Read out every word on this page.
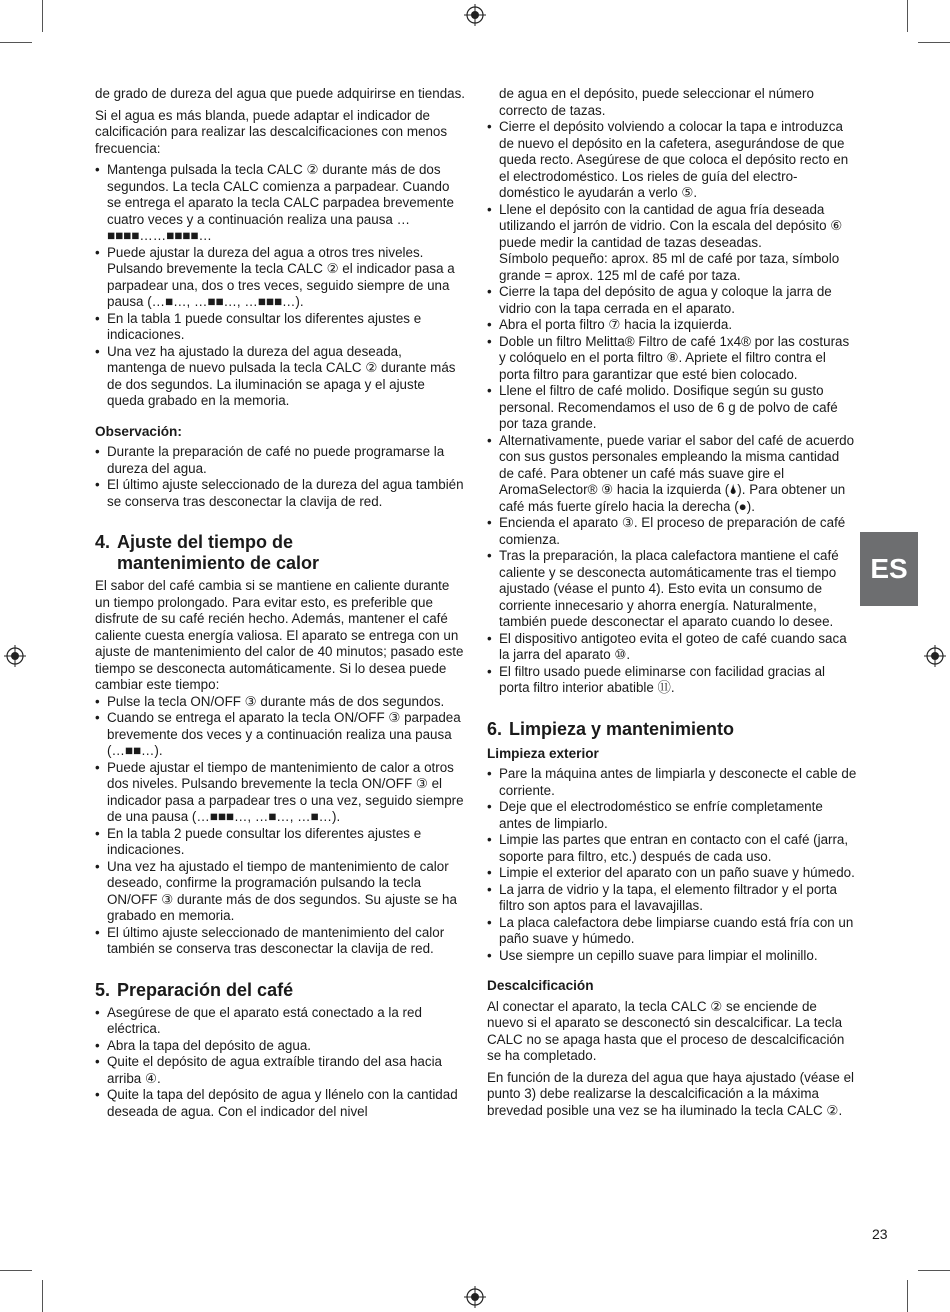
de grado de dureza del agua que puede adquirirse en tiendas.

Si el agua es más blanda, puede adaptar el indicador de calcificación para realizar las descalcificaciones con menos frecuencia:

• Mantenga pulsada la tecla CALC ② durante más de dos segundos. La tecla CALC comienza a parpadear. Cuando se entrega el aparato la tecla CALC parpadea brevemente cuatro veces y a continuación realiza una pausa …■■■■……■■■■…
• Puede ajustar la dureza del agua a otros tres niveles. Pulsando brevemente la tecla CALC ② el indicador pasa a parpadear una, dos o tres veces, seguido siempre de una pausa (…■…, …■■…, …■■■…).
• En la tabla 1 puede consultar los diferentes ajustes e indicaciones.
• Una vez ha ajustado la dureza del agua deseada, mantenga de nuevo pulsada la tecla CALC ② durante más de dos segundos. La iluminación se apaga y el ajuste queda grabado en la memoria.
Observación:
• Durante la preparación de café no puede programarse la dureza del agua.
• El último ajuste seleccionado de la dureza del agua también se conserva tras desconectar la clavija de red.
4. Ajuste del tiempo de
mantenimiento de calor

El sabor del café cambia si se mantiene en caliente durante un tiempo prolongado. Para evitar esto, es preferible que disfrute de su café recién hecho. Además, mantener el café caliente cuesta energía valiosa. El aparato se entrega con un ajuste de mantenimiento del calor de 40 minutos; pasado este tiempo se desconecta automáticamente. Si lo desea puede cambiar este tiempo:

• Pulse la tecla ON/OFF ③ durante más de dos segundos.
• Cuando se entrega el aparato la tecla ON/OFF ③ parpadea brevemente dos veces y a continuación realiza una pausa (…■■…).
• Puede ajustar el tiempo de mantenimiento de calor a otros dos niveles. Pulsando brevemente la tecla ON/OFF ③ el indicador pasa a parpadear tres o una vez, seguido siempre de una pausa (…■■■…, …■…, …■…).
• En la tabla 2 puede consultar los diferentes ajustes e indicaciones.
• Una vez ha ajustado el tiempo de mantenimiento de calor deseado, confirme la programación pulsando la tecla ON/OFF ③ durante más de dos segundos. Su ajuste se ha grabado en memoria.
• El último ajuste seleccionado de mantenimiento del calor también se conserva tras desconectar la clavija de red.
5. Preparación del café
• Asegúrese de que el aparato está conectado a la red eléctrica.
• Abra la tapa del depósito de agua.
• Quite el depósito de agua extraíble tirando del asa hacia arriba ④.
• Quite la tapa del depósito de agua y llénelo con la cantidad deseada de agua. Con el indicador del nivel

de agua en el depósito, puede seleccionar el número correcto de tazas.

• Cierre el depósito volviendo a colocar la tapa e introduzca de nuevo el depósito en la cafetera, asegurándose de que queda recto. Asegúrese de que coloca el depósito recto en el electrodoméstico. Los rieles de guía del electro-doméstico le ayudarán a verlo ⑤.
• Llene el depósito con la cantidad de agua fría deseada utilizando el jarrón de vidrio. Con la escala del depósito ⑥ puede medir la cantidad de tazas deseadas.

Símbolo pequeño: aprox. 85 ml de café por taza, símbolo grande = aprox. 125 ml de café por taza.

• Cierre la tapa del depósito de agua y coloque la jarra de vidrio con la tapa cerrada en el aparato.
• Abra el porta filtro ⑦ hacia la izquierda.
• Doble un filtro Melitta® Filtro de café 1x4® por las costuras y colóquelo en el porta filtro ⑧. Apriete el filtro contra el porta filtro para garantizar que esté bien colocado.
• Llene el filtro de café molido. Dosifique según su gusto personal. Recomendamos el uso de 6 g de polvo de café por taza grande.
• Alternativamente, puede variar el sabor del café de acuerdo con sus gustos personales empleando la misma cantidad de café. Para obtener un café más suave gire el AromaSelector® ⑨ hacia la izquierda (🌢). Para obtener un café más fuerte gírelo hacia la derecha (●).
• Encienda el aparato ③. El proceso de preparación de café comienza.
• Tras la preparación, la placa calefactora mantiene el café caliente y se desconecta automáticamente tras el tiempo ajustado (véase el punto 4). Esto evita un consumo de corriente innecesario y ahorra energía. Naturalmente, también puede desconectar el aparato cuando lo desee.
• El dispositivo antigoteo evita el goteo de café cuando saca la jarra del aparato ⑩.
• El filtro usado puede eliminarse con facilidad gracias al porta filtro interior abatible ⑪.
6. Limpieza y mantenimiento
Limpieza exterior
• Pare la máquina antes de limpiarla y desconecte el cable de corriente.
• Deje que el electrodoméstico se enfríe completamente antes de limpiarlo.
• Limpie las partes que entran en contacto con el café (jarra, soporte para filtro, etc.) después de cada uso.
• Limpie el exterior del aparato con un paño suave y húmedo.
• La jarra de vidrio y la tapa, el elemento filtrador y el porta filtro son aptos para el lavavajillas.
• La placa calefactora debe limpiarse cuando está fría con un paño suave y húmedo.
• Use siempre un cepillo suave para limpiar el molinillo.
Descalcificación

Al conectar el aparato, la tecla CALC ② se enciende de nuevo si el aparato se desconectó sin descalcificar. La tecla CALC no se apaga hasta que el proceso de descalcificación se ha completado.

En función de la dureza del agua que haya ajustado (véase el punto 3) debe realizarse la descalcificación a la máxima brevedad posible una vez se ha iluminado la tecla CALC ②.

ES
23
